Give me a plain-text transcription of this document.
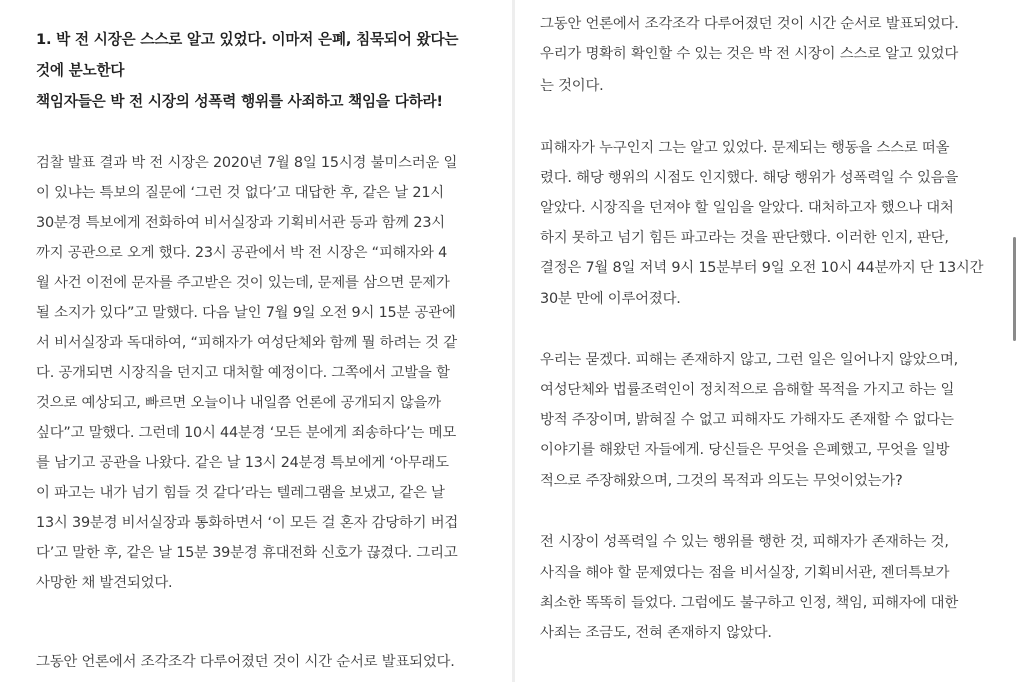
1. 박 전 시장은 스스로 알고 있었다. 이마저 은폐, 침묵되어 왔다는
것에 분노한다
책임자들은 박 전 시장의 성폭력 행위를 사죄하고 책임을 다하라!
검찰 발표 결과 박 전 시장은 2020년 7월 8일 15시경 불미스러운 일
이 있냐는 특보의 질문에 ‘그런 것 없다’고 대답한 후, 같은 날 21시
30분경 특보에게 전화하여 비서실장과 기획비서관 등과 함께 23시
까지 공관으로 오게 했다. 23시 공관에서 박 전 시장은 “피해자와 4
월 사건 이전에 문자를 주고받은 것이 있는데, 문제를 삼으면 문제가
될 소지가 있다”고 말했다. 다음 날인 7월 9일 오전 9시 15분 공관에
서 비서실장과 독대하여, “피해자가 여성단체와 함께 뭘 하려는 것 같
다. 공개되면 시장직을 던지고 대처할 예정이다. 그쪽에서 고발을 할
것으로 예상되고, 빠르면 오늘이나 내일쯤 언론에 공개되지 않을까
싶다”고 말했다. 그런데 10시 44분경 ‘모든 분에게 죄송하다’는 메모
를 남기고 공관을 나왔다. 같은 날 13시 24분경 특보에게 ‘아무래도
이 파고는 내가 넘기 힘들 것 같다’라는 텔레그램을 보냈고, 같은 날
13시 39분경 비서실장과 통화하면서 ‘이 모든 걸 혼자 감당하기 버겁
다’고 말한 후, 같은 날 15분 39분경 휴대전화 신호가 끊겼다. 그리고
사망한 채 발견되었다.
그동안 언론에서 조각조각 다루어졌던 것이 시간 순서로 발표되었다.
그동안 언론에서 조각조각 다루어졌던 것이 시간 순서로 발표되었다.
우리가 명확히 확인할 수 있는 것은 박 전 시장이 스스로 알고 있었다
는 것이다.
피해자가 누구인지 그는 알고 있었다. 문제되는 행동을 스스로 떠올
렸다. 해당 행위의 시점도 인지했다. 해당 행위가 성폭력일 수 있음을
알았다. 시장직을 던져야 할 일임을 알았다. 대처하고자 했으나 대처
하지 못하고 넘기 힘든 파고라는 것을 판단했다. 이러한 인지, 판단,
결정은 7월 8일 저녁 9시 15분부터 9일 오전 10시 44분까지 단 13시간
30분 만에 이루어졌다.
우리는 묻겠다. 피해는 존재하지 않고, 그런 일은 일어나지 않았으며,
여성단체와 법률조력인이 정치적으로 음해할 목적을 가지고 하는 일
방적 주장이며, 밝혀질 수 없고 피해자도 가해자도 존재할 수 없다는
이야기를 해왔던 자들에게. 당신들은 무엇을 은폐했고, 무엇을 일방
적으로 주장해왔으며, 그것의 목적과 의도는 무엇이었는가?
전 시장이 성폭력일 수 있는 행위를 행한 것, 피해자가 존재하는 것,
사직을 해야 할 문제였다는 점을 비서실장, 기획비서관, 젠더특보가
최소한 똑똑히 들었다. 그럼에도 불구하고 인정, 책임, 피해자에 대한
사죄는 조금도, 전혀 존재하지 않았다.
